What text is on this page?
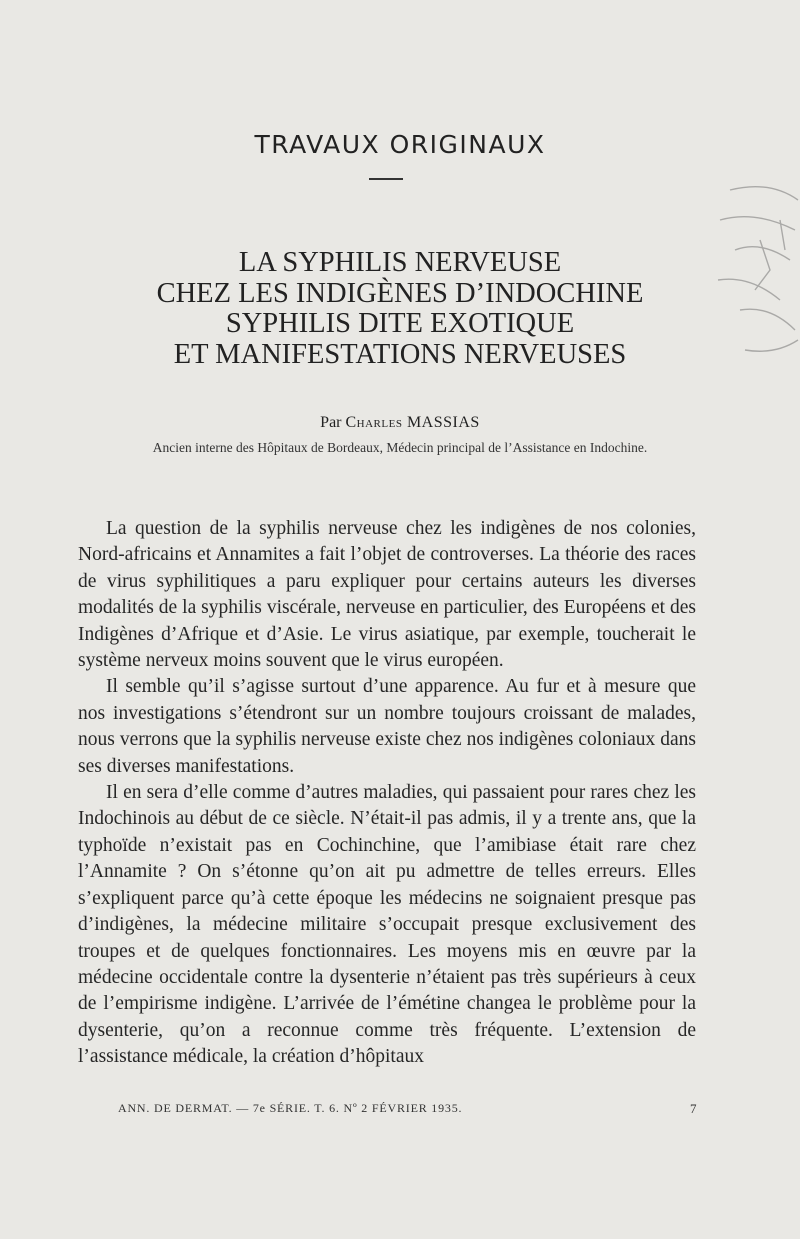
TRAVAUX ORIGINAUX
LA SYPHILIS NERVEUSE
CHEZ LES INDIGÈNES D’INDOCHINE
SYPHILIS DITE EXOTIQUE
ET MANIFESTATIONS NERVEUSES
Par Charles MASSIAS
Ancien interne des Hôpitaux de Bordeaux, Médecin principal de l’Assistance en Indochine.

La question de la syphilis nerveuse chez les indigènes de nos colonies, Nord-africains et Annamites a fait l’objet de controverses. La théorie des races de virus syphilitiques a paru expliquer pour certains auteurs les diverses modalités de la syphilis viscérale, nerveuse en particulier, des Européens et des Indigènes d’Afrique et d’Asie. Le virus asiatique, par exemple, toucherait le système nerveux moins souvent que le virus européen.

Il semble qu’il s’agisse surtout d’une apparence. Au fur et à mesure que nos investigations s’étendront sur un nombre toujours croissant de malades, nous verrons que la syphilis nerveuse existe chez nos indigènes coloniaux dans ses diverses manifestations.

Il en sera d’elle comme d’autres maladies, qui passaient pour rares chez les Indochinois au début de ce siècle. N’était-il pas admis, il y a trente ans, que la typhoïde n’existait pas en Cochinchine, que l’amibiase était rare chez l’Annamite ? On s’étonne qu’on ait pu admettre de telles erreurs. Elles s’expliquent parce qu’à cette époque les médecins ne soignaient presque pas d’indigènes, la médecine militaire s’occupait presque exclusivement des troupes et de quelques fonctionnaires. Les moyens mis en œuvre par la médecine occidentale contre la dysenterie n’étaient pas très supérieurs à ceux de l’empirisme indigène. L’arrivée de l’émétine changea le problème pour la dysenterie, qu’on a reconnue comme très fréquente. L’extension de l’assistance médicale, la création d’hôpitaux

ANN. DE DERMAT. — 7e SÉRIE. T. 6. Nº 2 FÉVRIER 1935.	7
